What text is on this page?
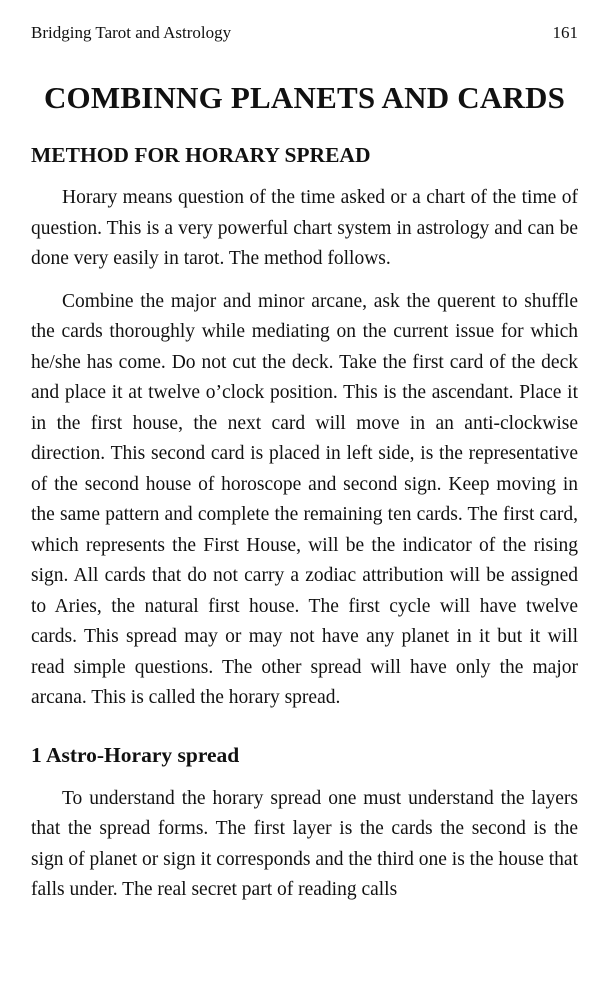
Bridging Tarot and Astrology	161
COMBINNG PLANETS AND CARDS
METHOD FOR HORARY SPREAD

Horary means question of the time asked or a chart of the time of question. This is a very powerful chart system in astrology and can be done very easily in tarot. The method follows.

Combine the major and minor arcane, ask the querent to shuffle the cards thoroughly while mediating on the current issue for which he/she has come. Do not cut the deck. Take the first card of the deck and place it at twelve o’clock position. This is the ascendant. Place it in the first house, the next card will move in an anti-clockwise direction. This second card is placed in left side, is the representative of the second house of horoscope and second sign. Keep moving in the same pattern and complete the remaining ten cards. The first card, which represents the First House, will be the indicator of the rising sign. All cards that do not carry a zodiac attribution will be assigned to Aries, the natural first house. The first cycle will have twelve cards. This spread may or may not have any planet in it but it will read simple questions. The other spread will have only the major arcana. This is called the horary spread.

1 Astro-Horary spread

To understand the horary spread one must understand the layers that the spread forms. The first layer is the cards the second is the sign of planet or sign it corresponds and the third one is the house that falls under. The real secret part of reading calls
